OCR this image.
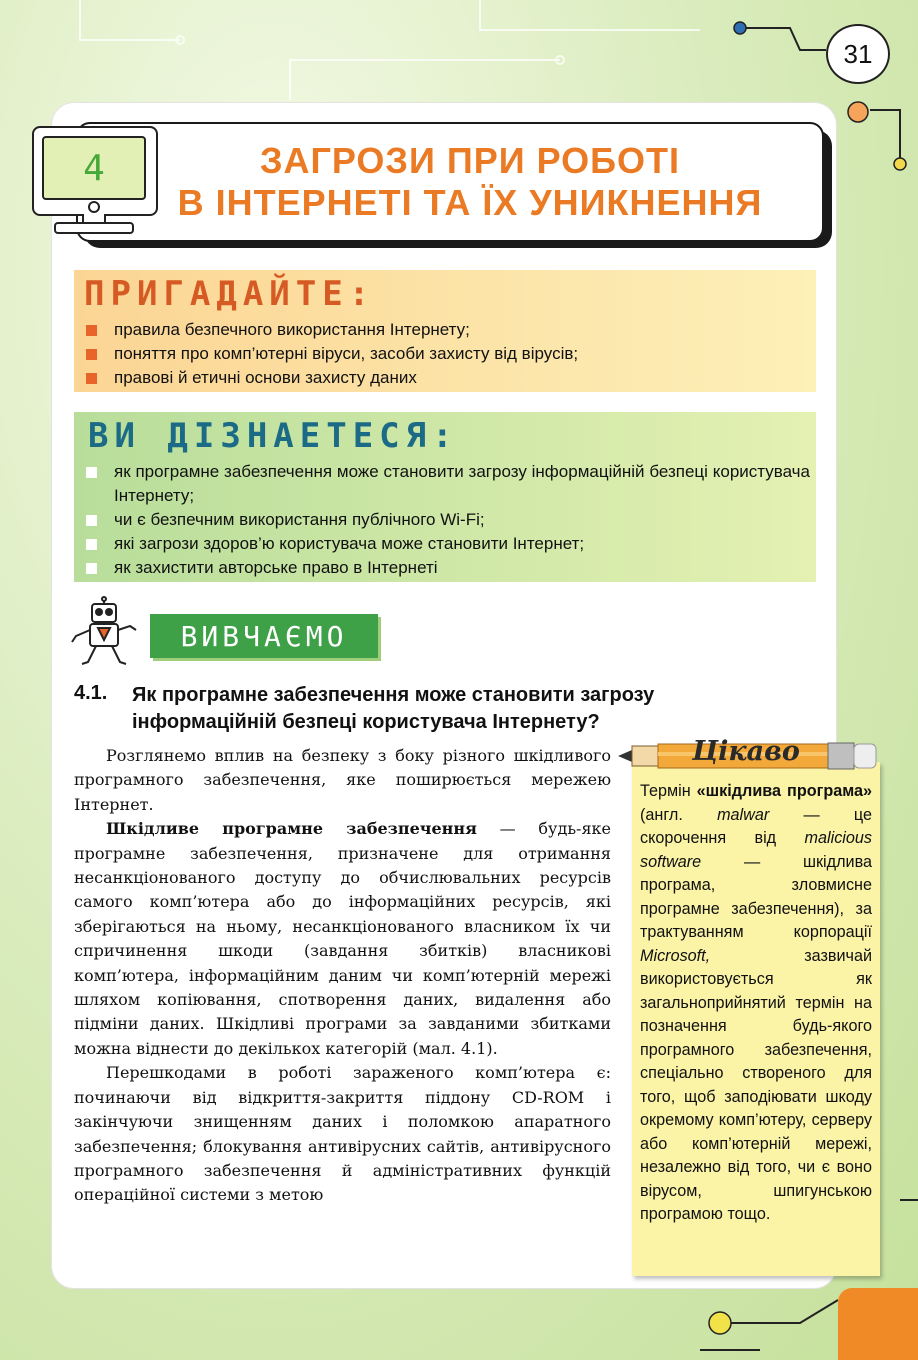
31
4	ЗАГРОЗИ ПРИ РОБОТІ
В ІНТЕРНЕТІ ТА ЇХ УНИКНЕННЯ
ПРИГАДАЙТЕ:
правила безпечного використання Інтернету;
поняття про комп’ютерні віруси, засоби захисту від вірусів;
правові й етичні основи захисту даних
ВИ ДІЗНАЕТЕСЯ:
як програмне забезпечення може становити загрозу інформаційній безпеці користувача Інтернету;
чи є безпечним використання публічного Wi-Fi;
які загрози здоров’ю користувача може становити Інтернет;
як захистити авторське право в Інтернеті
ВИВЧАЄМО
4.1. Як програмне забезпечення може становити загрозу інформаційній безпеці користувача Інтернету?

Розглянемо вплив на безпеку з боку різного шкідливого програмного забезпечення, яке поширюється мережею Інтернет.

Шкідливе програмне забезпечення — будь-яке програмне забезпечення, призначене для отримання несанкціонованого доступу до обчислювальних ресурсів самого комп’ютера або до інформаційних ресурсів, які зберігаються на ньому, несанкціонованого власником їх чи спричинення шкоди (завдання збитків) власникові комп’ютера, інформаційним даним чи комп’ютерній мережі шляхом копіювання, спотворення даних, видалення або підміни даних. Шкідливі програми за завданими збитками можна віднести до декількох категорій (мал. 4.1).

Перешкодами в роботі зараженого комп’ютера є: починаючи від відкриття-закриття піддону CD-ROM і закінчуючи знищенням даних і поломкою апаратного забезпечення; блокування антивірусних сайтів, антивірусного програмного забезпечення й адміністративних функцій операційної системи з метою

Цікаво
Термін «шкідлива програма» (англ. malwar — це скорочення від malicious software — шкідлива програма, зловмисне програмне забезпечення), за трактуванням корпорації Microsoft, зазвичай використовується як загальноприйнятий термін на позначення будь-якого програмного забезпечення, спеціально створеного для того, щоб заподіювати шкоду окремому комп’ютеру, серверу або комп’ютерній мережі, незалежно від того, чи є воно вірусом, шпигунською програмою тощо.
